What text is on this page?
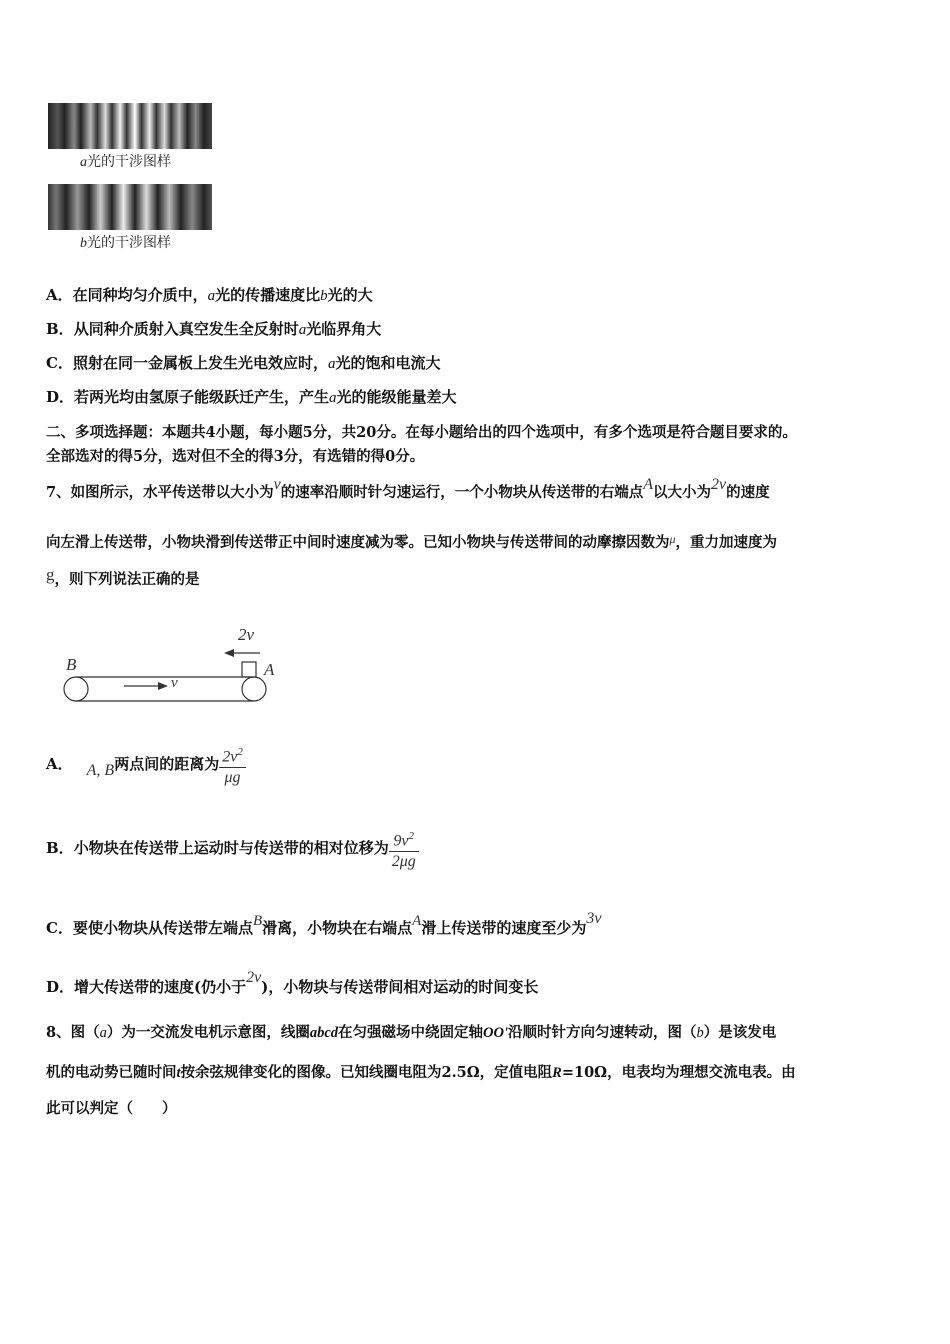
a光的干涉图样
b光的干涉图样
A．在同种均匀介质中，a光的传播速度比b光的大
B．从同种介质射入真空发生全反射时a光临界角大
C．照射在同一金属板上发生光电效应时，a光的饱和电流大
D．若两光均由氢原子能级跃迁产生，产生a光的能级能量差大
二、多项选择题：本题共4小题，每小题5分，共20分。在每小题给出的四个选项中，有多个选项是符合题目要求的。
全部选对的得5分，选对但不全的得3分，有选错的得0分。
7、如图所示，水平传送带以大小为v的速率沿顺时针匀速运行，一个小物块从传送带的右端点A以大小为2v的速度
向左滑上传送带，小物块滑到传送带正中间时速度减为零。已知小物块与传送带间的动摩擦因数为$^\mu$，重力加速度为
g，则下列说法正确的是
B	A
2v
v
A． A, B两点间的距离为 $\frac{2v^2}{\mu g}$
B．小物块在传送带上运动时与传送带的相对位移为 $\frac{9v^2}{2\mu g}$
C．要使小物块从传送带左端点B滑离，小物块在右端点A滑上传送带的速度至少为3v
D．增大传送带的速度(仍小于2v)，小物块与传送带间相对运动的时间变长
8、图（a）为一交流发电机示意图，线圈abcd在匀强磁场中绕固定轴OO'沿顺时针方向匀速转动，图（b）是该发电
机的电动势已随时间t按余弦规律变化的图像。已知线圈电阻为2.5Ω，定值电阻R=10Ω，电表均为理想交流电表。由
此可以判定（　　）
